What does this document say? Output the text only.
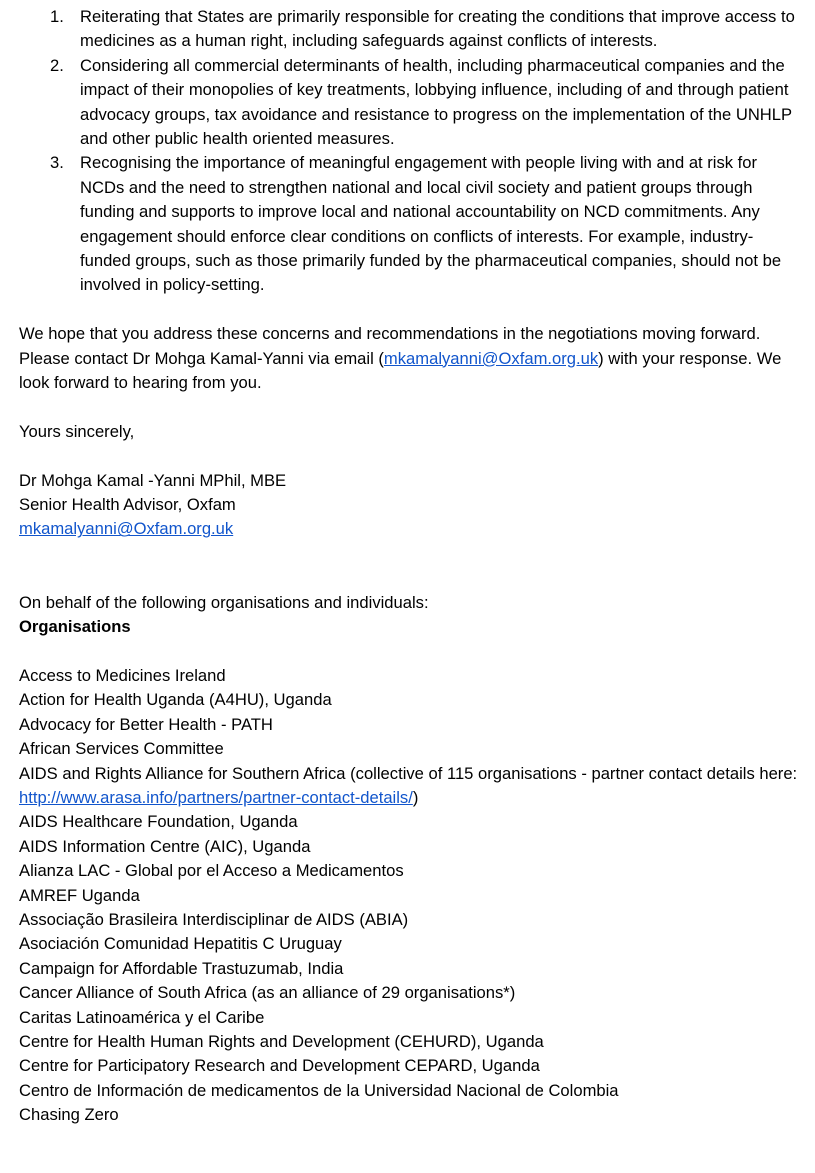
1. Reiterating that States are primarily responsible for creating the conditions that improve access to medicines as a human right, including safeguards against conflicts of interests.
2. Considering all commercial determinants of health, including pharmaceutical companies and the impact of their monopolies of key treatments, lobbying influence, including of and through patient advocacy groups, tax avoidance and resistance to progress on the implementation of the UNHLP and other public health oriented measures.
3. Recognising the importance of meaningful engagement with people living with and at risk for NCDs and the need to strengthen national and local civil society and patient groups through funding and supports to improve local and national accountability on NCD commitments. Any engagement should enforce clear conditions on conflicts of interests. For example, industry-funded groups, such as those primarily funded by the pharmaceutical companies, should not be involved in policy-setting.

We hope that you address these concerns and recommendations in the negotiations moving forward. Please contact Dr Mohga Kamal-Yanni via email (mkamalyanni@Oxfam.org.uk) with your response. We look forward to hearing from you.

Yours sincerely,

Dr Mohga Kamal -Yanni MPhil, MBE
Senior Health Advisor, Oxfam
mkamalyanni@Oxfam.org.uk

On behalf of the following organisations and individuals:

Organisations

Access to Medicines Ireland
Action for Health Uganda (A4HU), Uganda
Advocacy for Better Health - PATH
African Services Committee
AIDS and Rights Alliance for Southern Africa (collective of 115 organisations - partner contact details here: http://www.arasa.info/partners/partner-contact-details/)
AIDS Healthcare Foundation, Uganda
AIDS Information Centre (AIC), Uganda
Alianza LAC - Global por el Acceso a Medicamentos
AMREF Uganda
Associação Brasileira Interdisciplinar de AIDS (ABIA)
Asociación Comunidad Hepatitis C Uruguay
Campaign for Affordable Trastuzumab, India
Cancer Alliance of South Africa (as an alliance of 29 organisations*)
Caritas Latinoamérica y el Caribe
Centre for Health Human Rights and Development (CEHURD), Uganda
Centre for Participatory Research and Development CEPARD, Uganda
Centro de Información de medicamentos de la Universidad Nacional de Colombia
Chasing Zero
